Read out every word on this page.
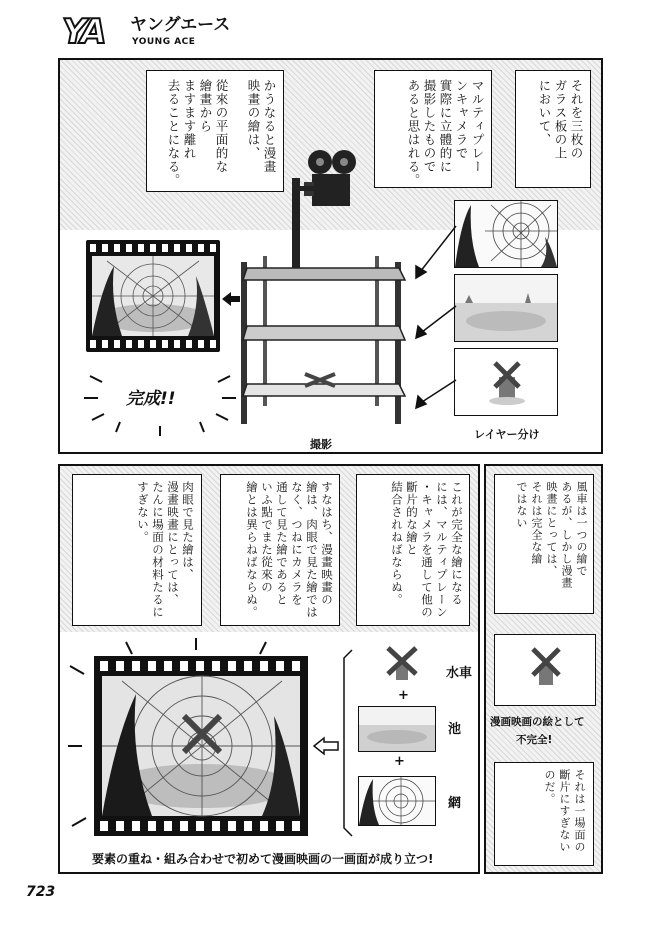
YA ヤングエース
YOUNG ACE
それを三枚の
ガラス板の上
において、
マルティプレー
ンキャメラで
實際に立體的に
撮影したもので
あると思はれる。
かうなると漫畫
映畫の繪は、

從來の平面的な
繪畫から
ますます離れ
去ることになる。
完成!!
撮影
レイヤー分け
これが完全な繪になる
には、マルティプレーン
・キャメラを通して他の
斷片的な繪と
結合されねばならぬ。
すなはち、漫畫映畫の
繪は、肉眼で見た繪では
なく、つねにカメラを
通して見た繪であると
いふ點でまた從來の
繪とは異らねばならぬ。
肉眼で見た繪は、
漫畫映畫にとっては、
たんに場面の材料たるに
すぎない。
水車
+
池
+
網
要素の重ね・組み合わせで初めて漫画映画の一画面が成り立つ!
風車は一つの繪で
あるが、しかし漫畫
映畫にとっては、
それは完全な繪
ではない
漫画映画の絵として
不完全!
それは一場面の
斷片にすぎない
のだ。
723
